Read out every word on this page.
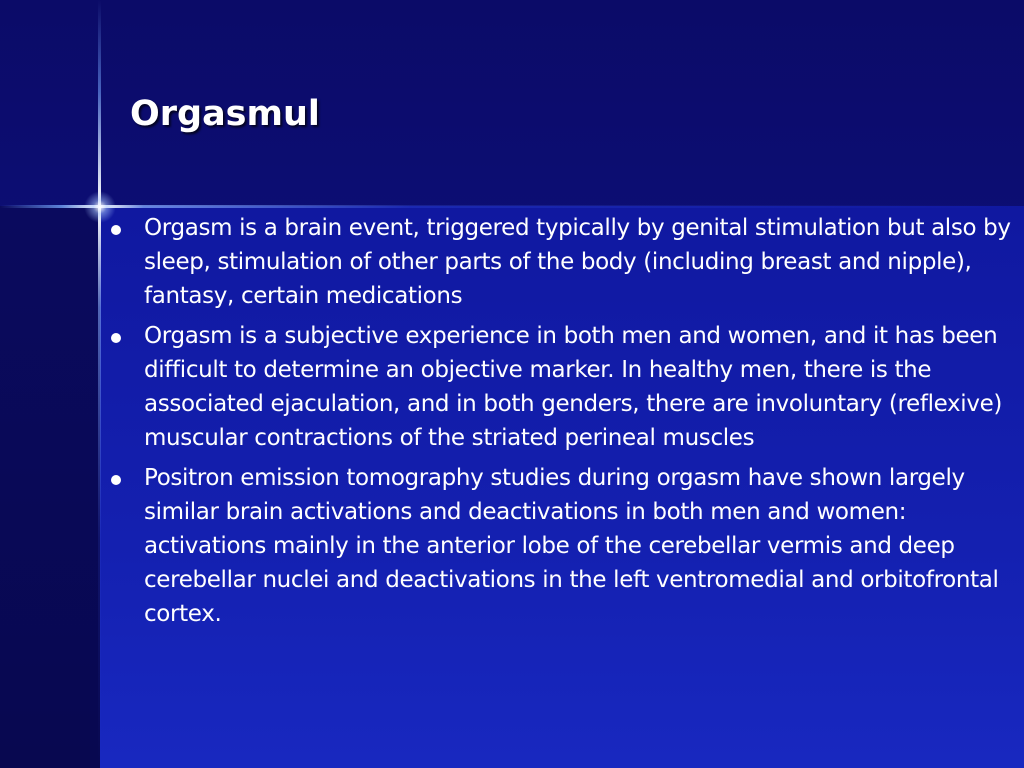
Orgasmul
Orgasm is a brain event, triggered typically by genital stimulation but also by sleep, stimulation of other parts of the body (including breast and nipple), fantasy, certain medications
Orgasm is a subjective experience in both men and women, and it has been difficult to determine an objective marker. In healthy men, there is the associated ejaculation, and in both genders, there are involuntary (reflexive) muscular contractions of the striated perineal muscles
Positron emission tomography studies during orgasm have shown largely similar brain activations and deactivations in both men and women: activations mainly in the anterior lobe of the cerebellar vermis and deep cerebellar nuclei and deactivations in the left ventromedial and orbitofrontal cortex.
